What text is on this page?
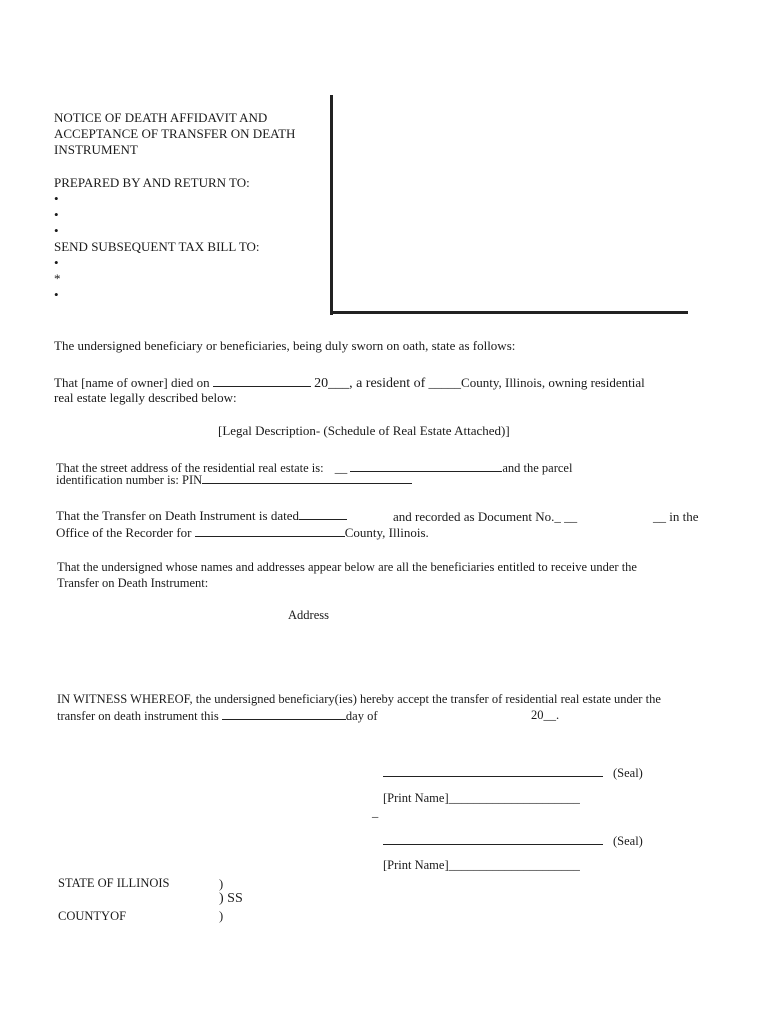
NOTICE OF DEATH AFFIDAVIT AND
ACCEPTANCE OF TRANSFER ON DEATH
INSTRUMENT
PREPARED BY AND RETURN TO:
•
•
•
SEND SUBSEQUENT TAX BILL TO:
•
*
•
The undersigned beneficiary or beneficiaries, being duly sworn on oath, state as follows:
That [name of owner] died on	20___, a resident of _____County, Illinois, owning residential
real estate legally described below:
[Legal Description- (Schedule of Real Estate Attached)]
That the street address of the residential real estate is: __	and the parcel
identification number is: PIN
That the Transfer on Death Instrument is dated	and recorded as Document No._ __	__ in the
Office of the Recorder for	County, Illinois.
That the undersigned whose names and addresses appear below are all the beneficiaries entitled to receive under the
Transfer on Death Instrument:
Address
IN WITNESS WHEREOF, the undersigned beneficiary(ies) hereby accept the transfer of residential real estate under the
transfer on death instrument this	day of	20__.
(Seal)
[Print Name]_____________________
_
(Seal)
[Print Name]_____________________
STATE OF ILLINOIS
COUNTYOF
)
) SS
)
